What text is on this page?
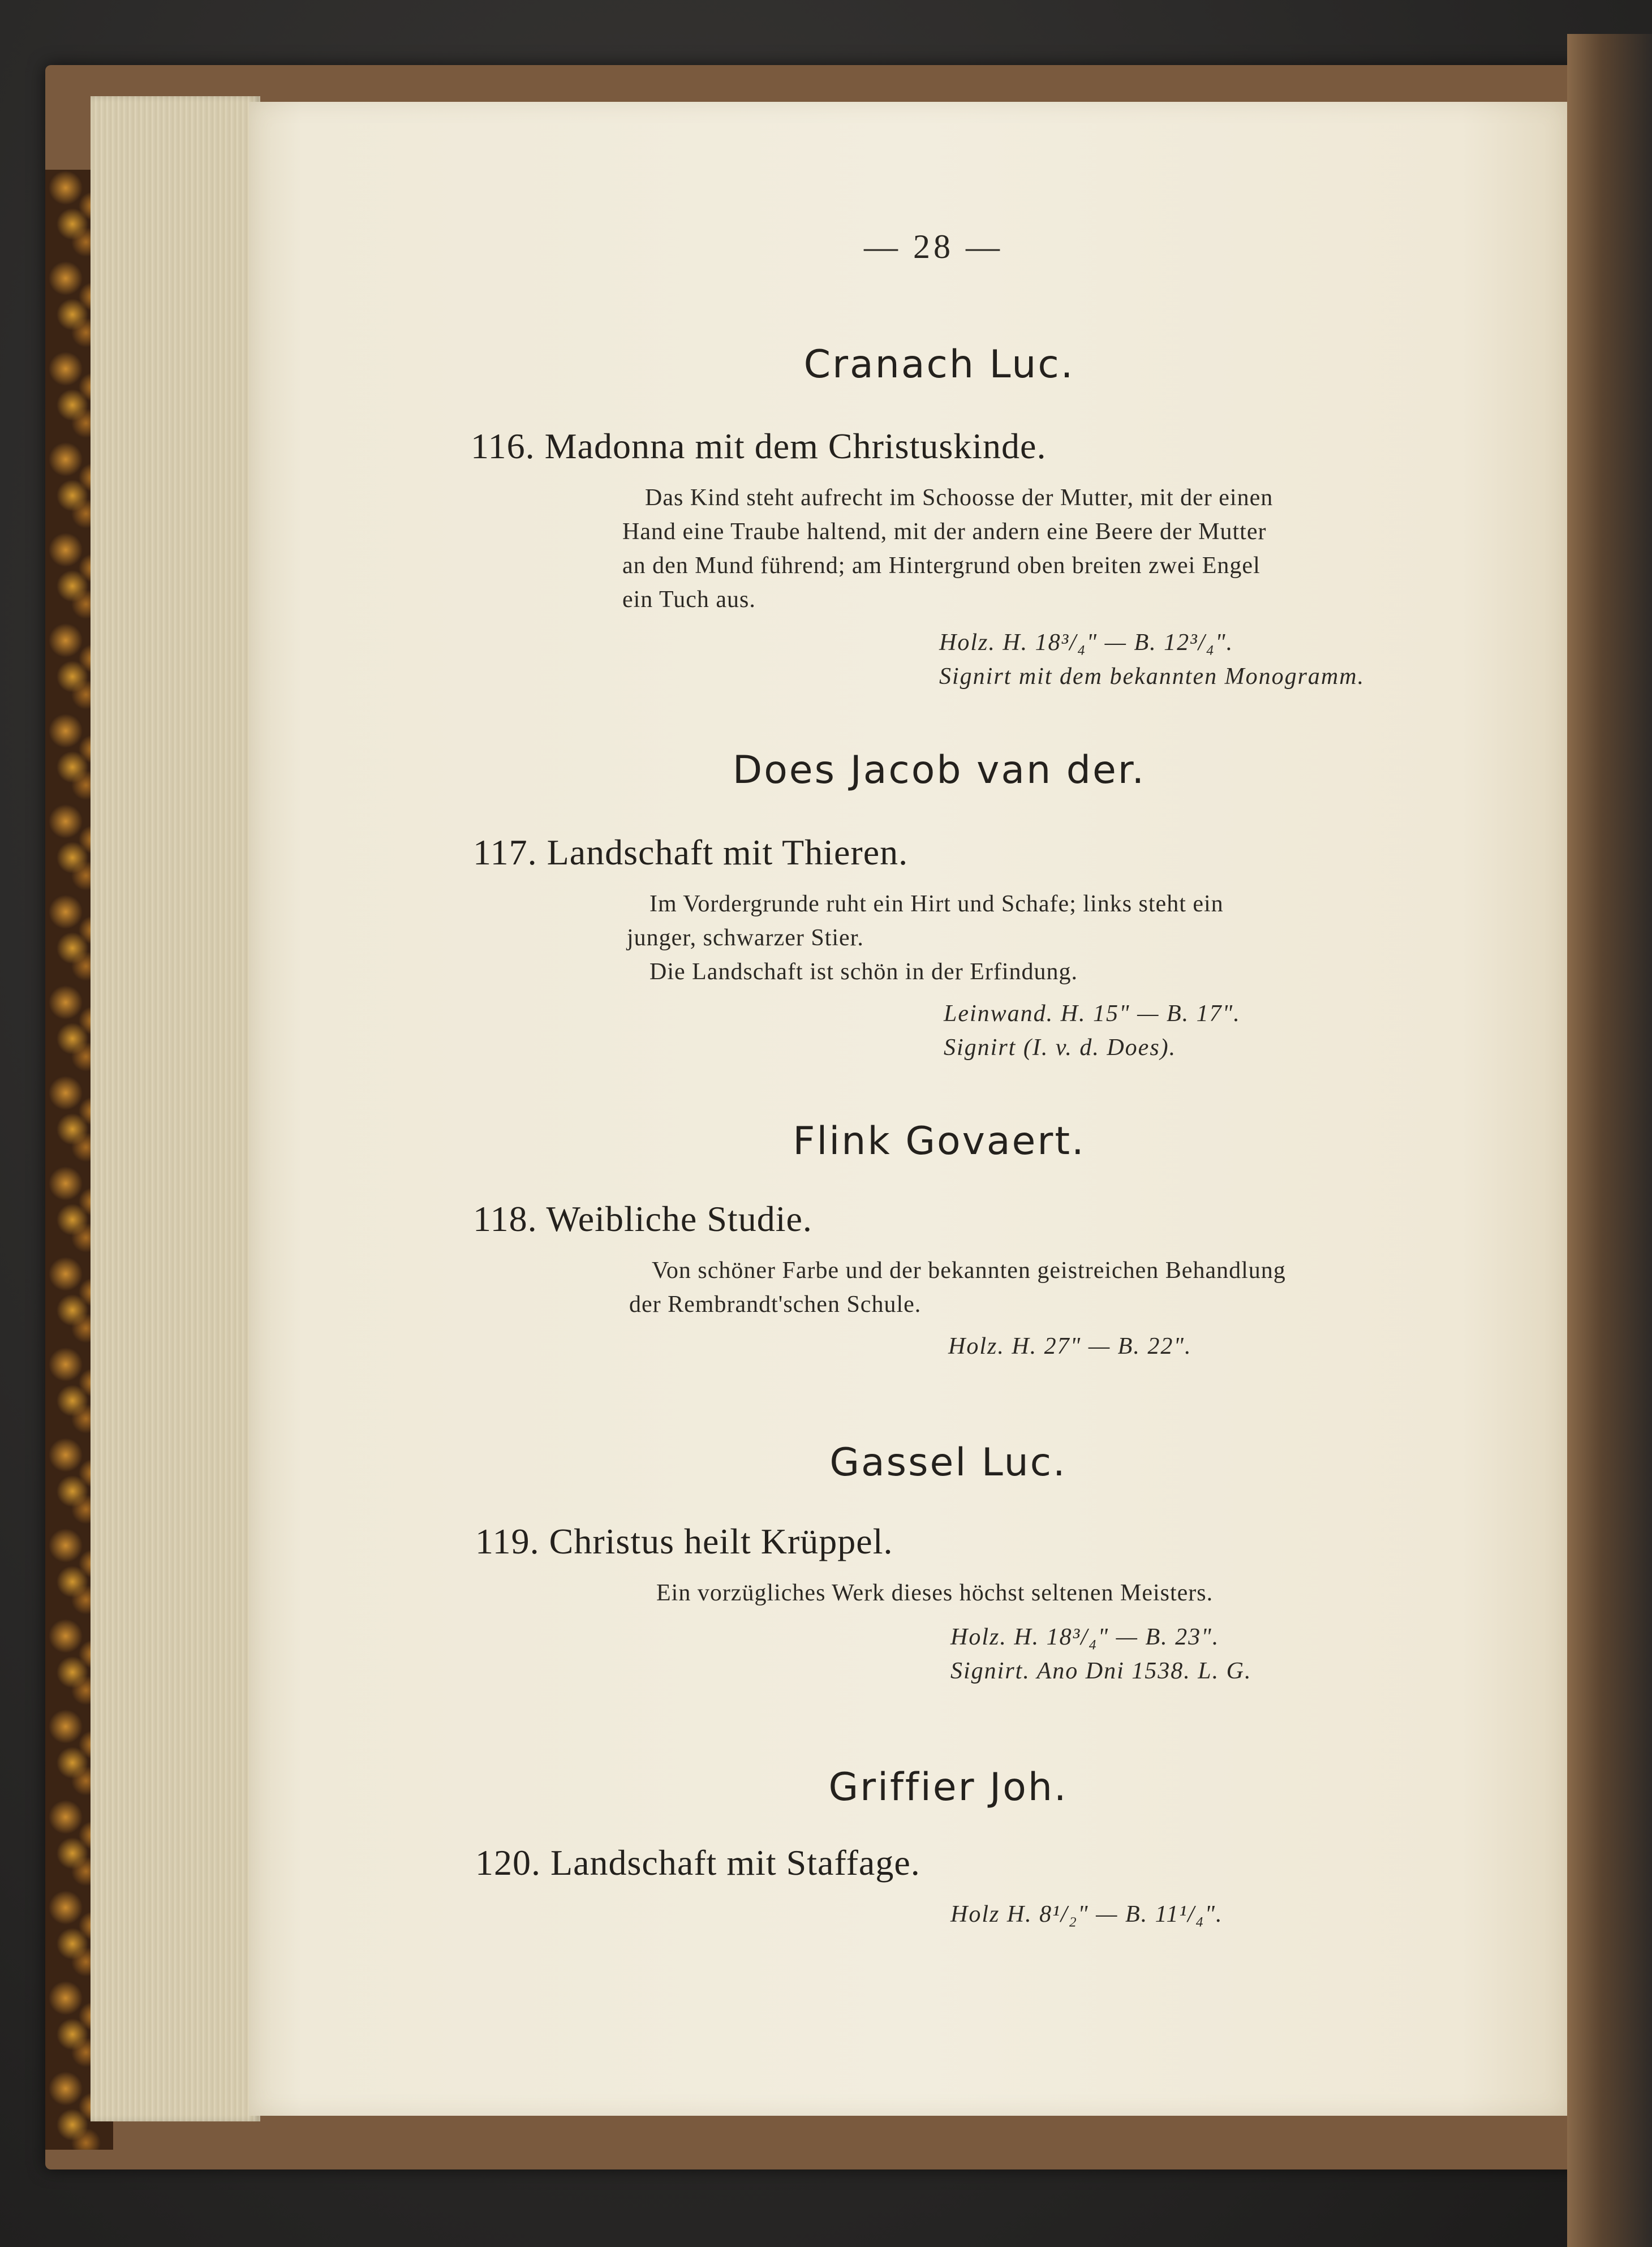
— 28 —
Cranach Luc.
116. Madonna mit dem Christuskinde.

Das Kind steht aufrecht im Schoosse der Mutter, mit der einen

Hand eine Traube haltend, mit der andern eine Beere der Mutter

an den Mund führend; am Hintergrund oben breiten zwei Engel

ein Tuch aus.

Holz. H. 18³/₄" — B. 12³/₄".
Signirt mit dem bekannten Monogramm.
Does Jacob van der.
117. Landschaft mit Thieren.

Im Vordergrunde ruht ein Hirt und Schafe; links steht ein

junger, schwarzer Stier.

Die Landschaft ist schön in der Erfindung.

Leinwand. H. 15" — B. 17".
Signirt (I. v. d. Does).
Flink Govaert.
118. Weibliche Studie.

Von schöner Farbe und der bekannten geistreichen Behandlung

der Rembrandt'schen Schule.

Holz. H. 27" — B. 22".
Gassel Luc.
119. Christus heilt Krüppel.

Ein vorzügliches Werk dieses höchst seltenen Meisters.

Holz. H. 18³/₄" — B. 23".
Signirt. Ano Dni 1538. L. G.
Griffier Joh.
120. Landschaft mit Staffage.
Holz H. 8¹/₂" — B. 11¹/₄".
